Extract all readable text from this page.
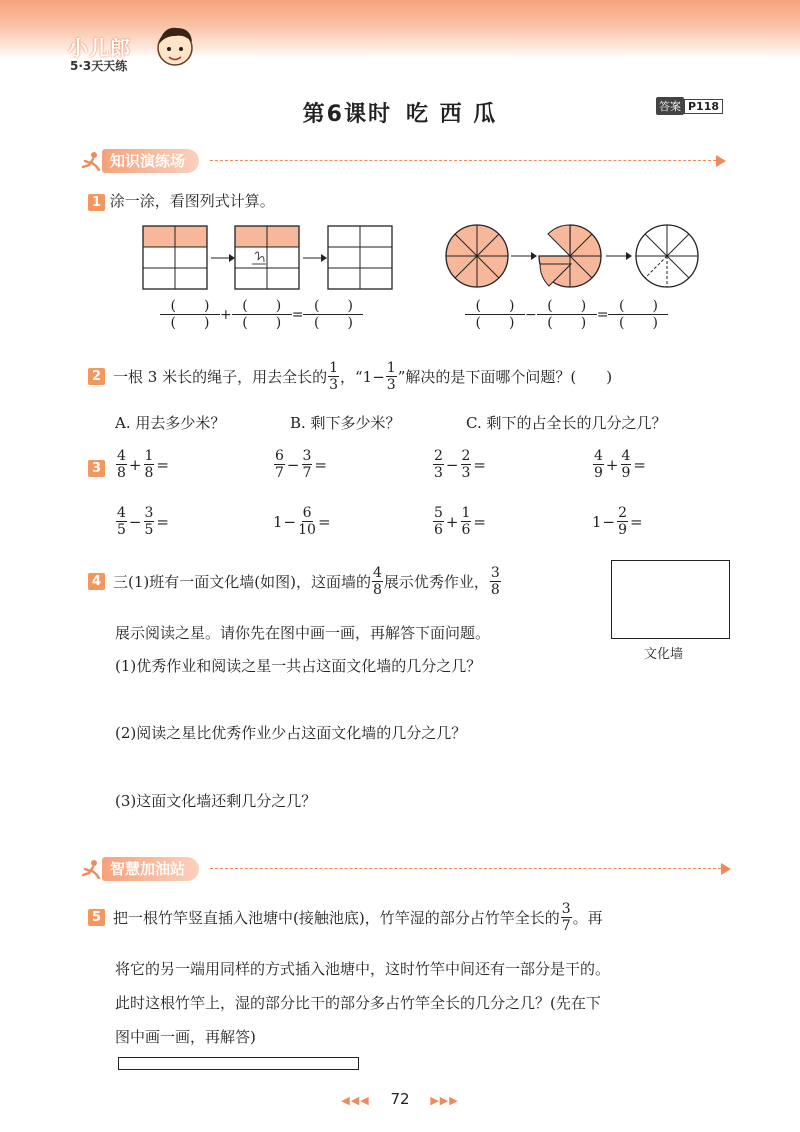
小儿郎
5·3天天练
第6课时 吃 西 瓜	答案 P118
知识演练场
1 涂一涂，看图列式计算。
$\frac{( )}{( )} + \frac{( )}{( )} = \frac{( )}{( )}$	$\frac{( )}{( )} - \frac{( )}{( )} = \frac{( )}{( )}$
2 一根 3 米长的绳子，用去全长的 $\frac{1}{3}$ ，“$1- \frac{1}{3}$ ”解决的是下面哪个问题？(　　)
A. 用去多少米？	B. 剩下多少米？	C. 剩下的占全长的几分之几？
$3 \frac{4}{8} + \frac{1}{8}$ =	$\frac{6}{7} - \frac{3}{7}$ =	$\frac{2}{3} - \frac{2}{3}$ =	$\frac{4}{9} + \frac{4}{9}$ =
$\frac{4}{5} - \frac{3}{5}$ =	$1 - \frac{6}{10}$ =	$\frac{5}{6} + \frac{1}{6}$ =	$1 - \frac{2}{9}$ =
4 三(1)班有一面文化墙(如图)，这面墙的 $\frac{4}{8}$ 展示优秀作业， $\frac{3}{8}$
展示阅读之星。请你先在图中画一画，再解答下面问题。
文化墙
(1)优秀作业和阅读之星一共占这面文化墙的几分之几？
(2)阅读之星比优秀作业少占这面文化墙的几分之几？
(3)这面文化墙还剩几分之几？
智慧加油站
5 把一根竹竿竖直插入池塘中(接触池底)，竹竿湿的部分占竹竿全长的 $\frac{3}{7}$ 。再
将它的另一端用同样的方式插入池塘中，这时竹竿中间还有一部分是干的。
此时这根竹竿上，湿的部分比干的部分多占竹竿全长的几分之几？(先在下
图中画一画，再解答)
◀◀◀ 72 ▶▶▶
